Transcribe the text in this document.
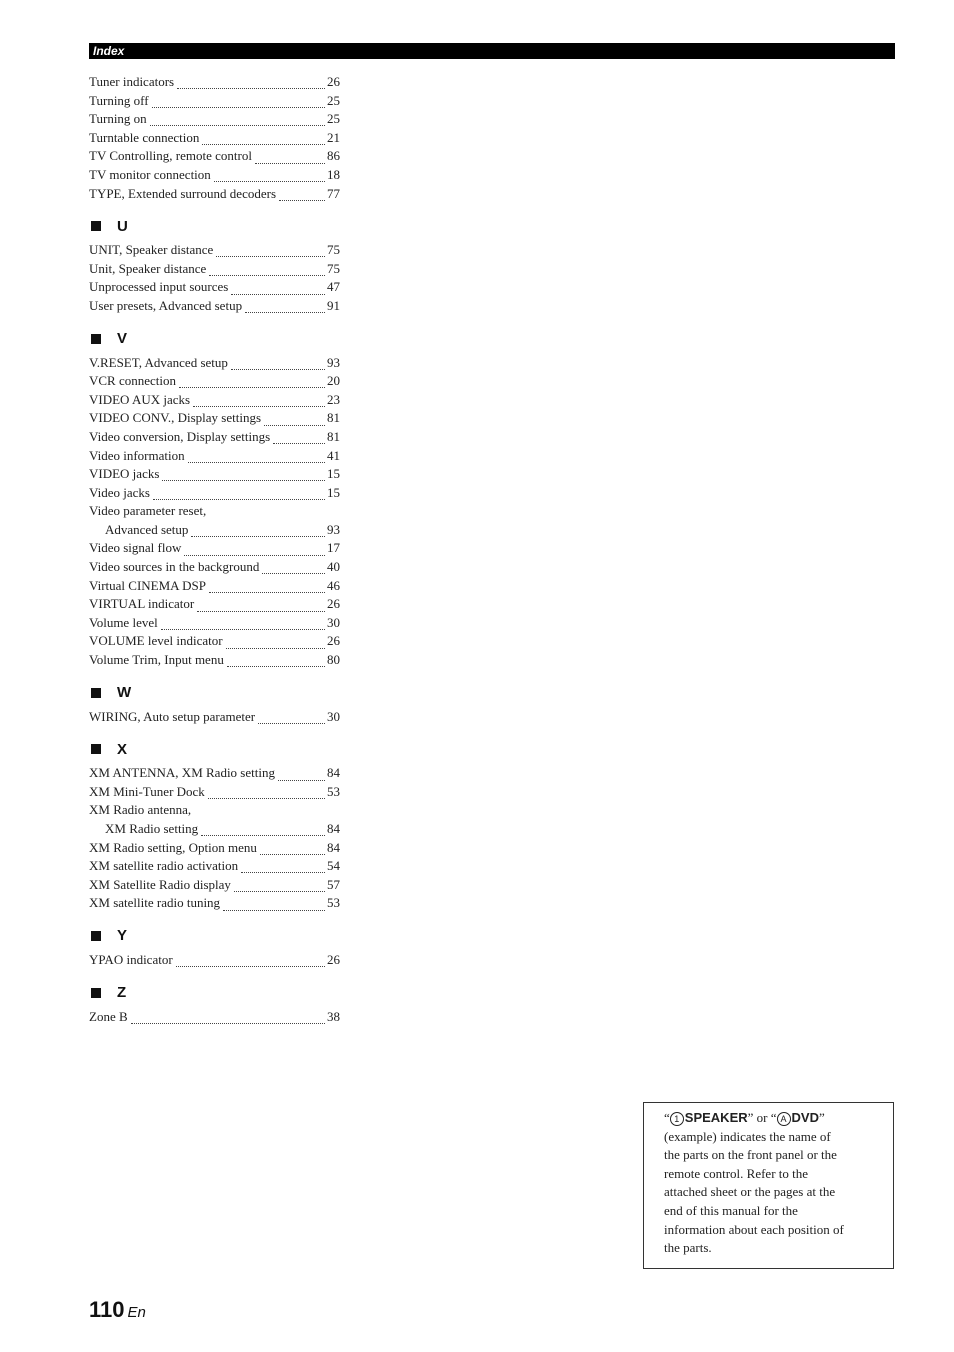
Index
Tuner indicators	26
Turning off	25
Turning on	25
Turntable connection	21
TV Controlling, remote control	86
TV monitor connection	18
TYPE, Extended surround decoders	77
U
UNIT, Speaker distance	75
Unit, Speaker distance	75
Unprocessed input sources	47
User presets, Advanced setup	91
V
V.RESET, Advanced setup	93
VCR connection	20
VIDEO AUX jacks	23
VIDEO CONV., Display settings	81
Video conversion, Display settings	81
Video information	41
VIDEO jacks	15
Video jacks	15
Video parameter reset,
Advanced setup	93
Video signal flow	17
Video sources in the background	40
Virtual CINEMA DSP	46
VIRTUAL indicator	26
Volume level	30
VOLUME level indicator	26
Volume Trim, Input menu	80
W
WIRING, Auto setup parameter	30
X
XM ANTENNA, XM Radio setting	84
XM Mini-Tuner Dock	53
XM Radio antenna,
XM Radio setting	84
XM Radio setting, Option menu	84
XM satellite radio activation	54
XM Satellite Radio display	57
XM satellite radio tuning	53
Y
YPAO indicator	26
Z
Zone B	38
“ 1 SPEAKER” or “ A DVD”
(example) indicates the name of
the parts on the front panel or the
remote control. Refer to the
attached sheet or the pages at the
end of this manual for the
information about each position of
the parts.
110 En
